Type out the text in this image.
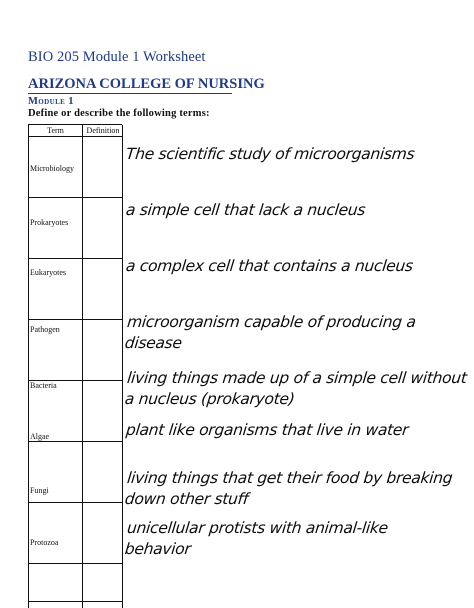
BIO 205 Module 1 Worksheet
ARIZONA COLLEGE OF NURSING
Module 1
Define or describe the following terms:
Term	Definition
Microbiology
Prokaryotes
Eukaryotes
Pathogen
Bacteria
Algae
Fungi
Protozoa
The scientific study of microorganisms
a simple cell that lack a nucleus
a complex cell that contains a nucleus
microorganism capable of producing a disease
living things made up of a simple cell without a nucleus (prokaryote)
plant like organisms that live in water
living things that get their food by breaking down other stuff
unicellular protists with animal-like behavior
